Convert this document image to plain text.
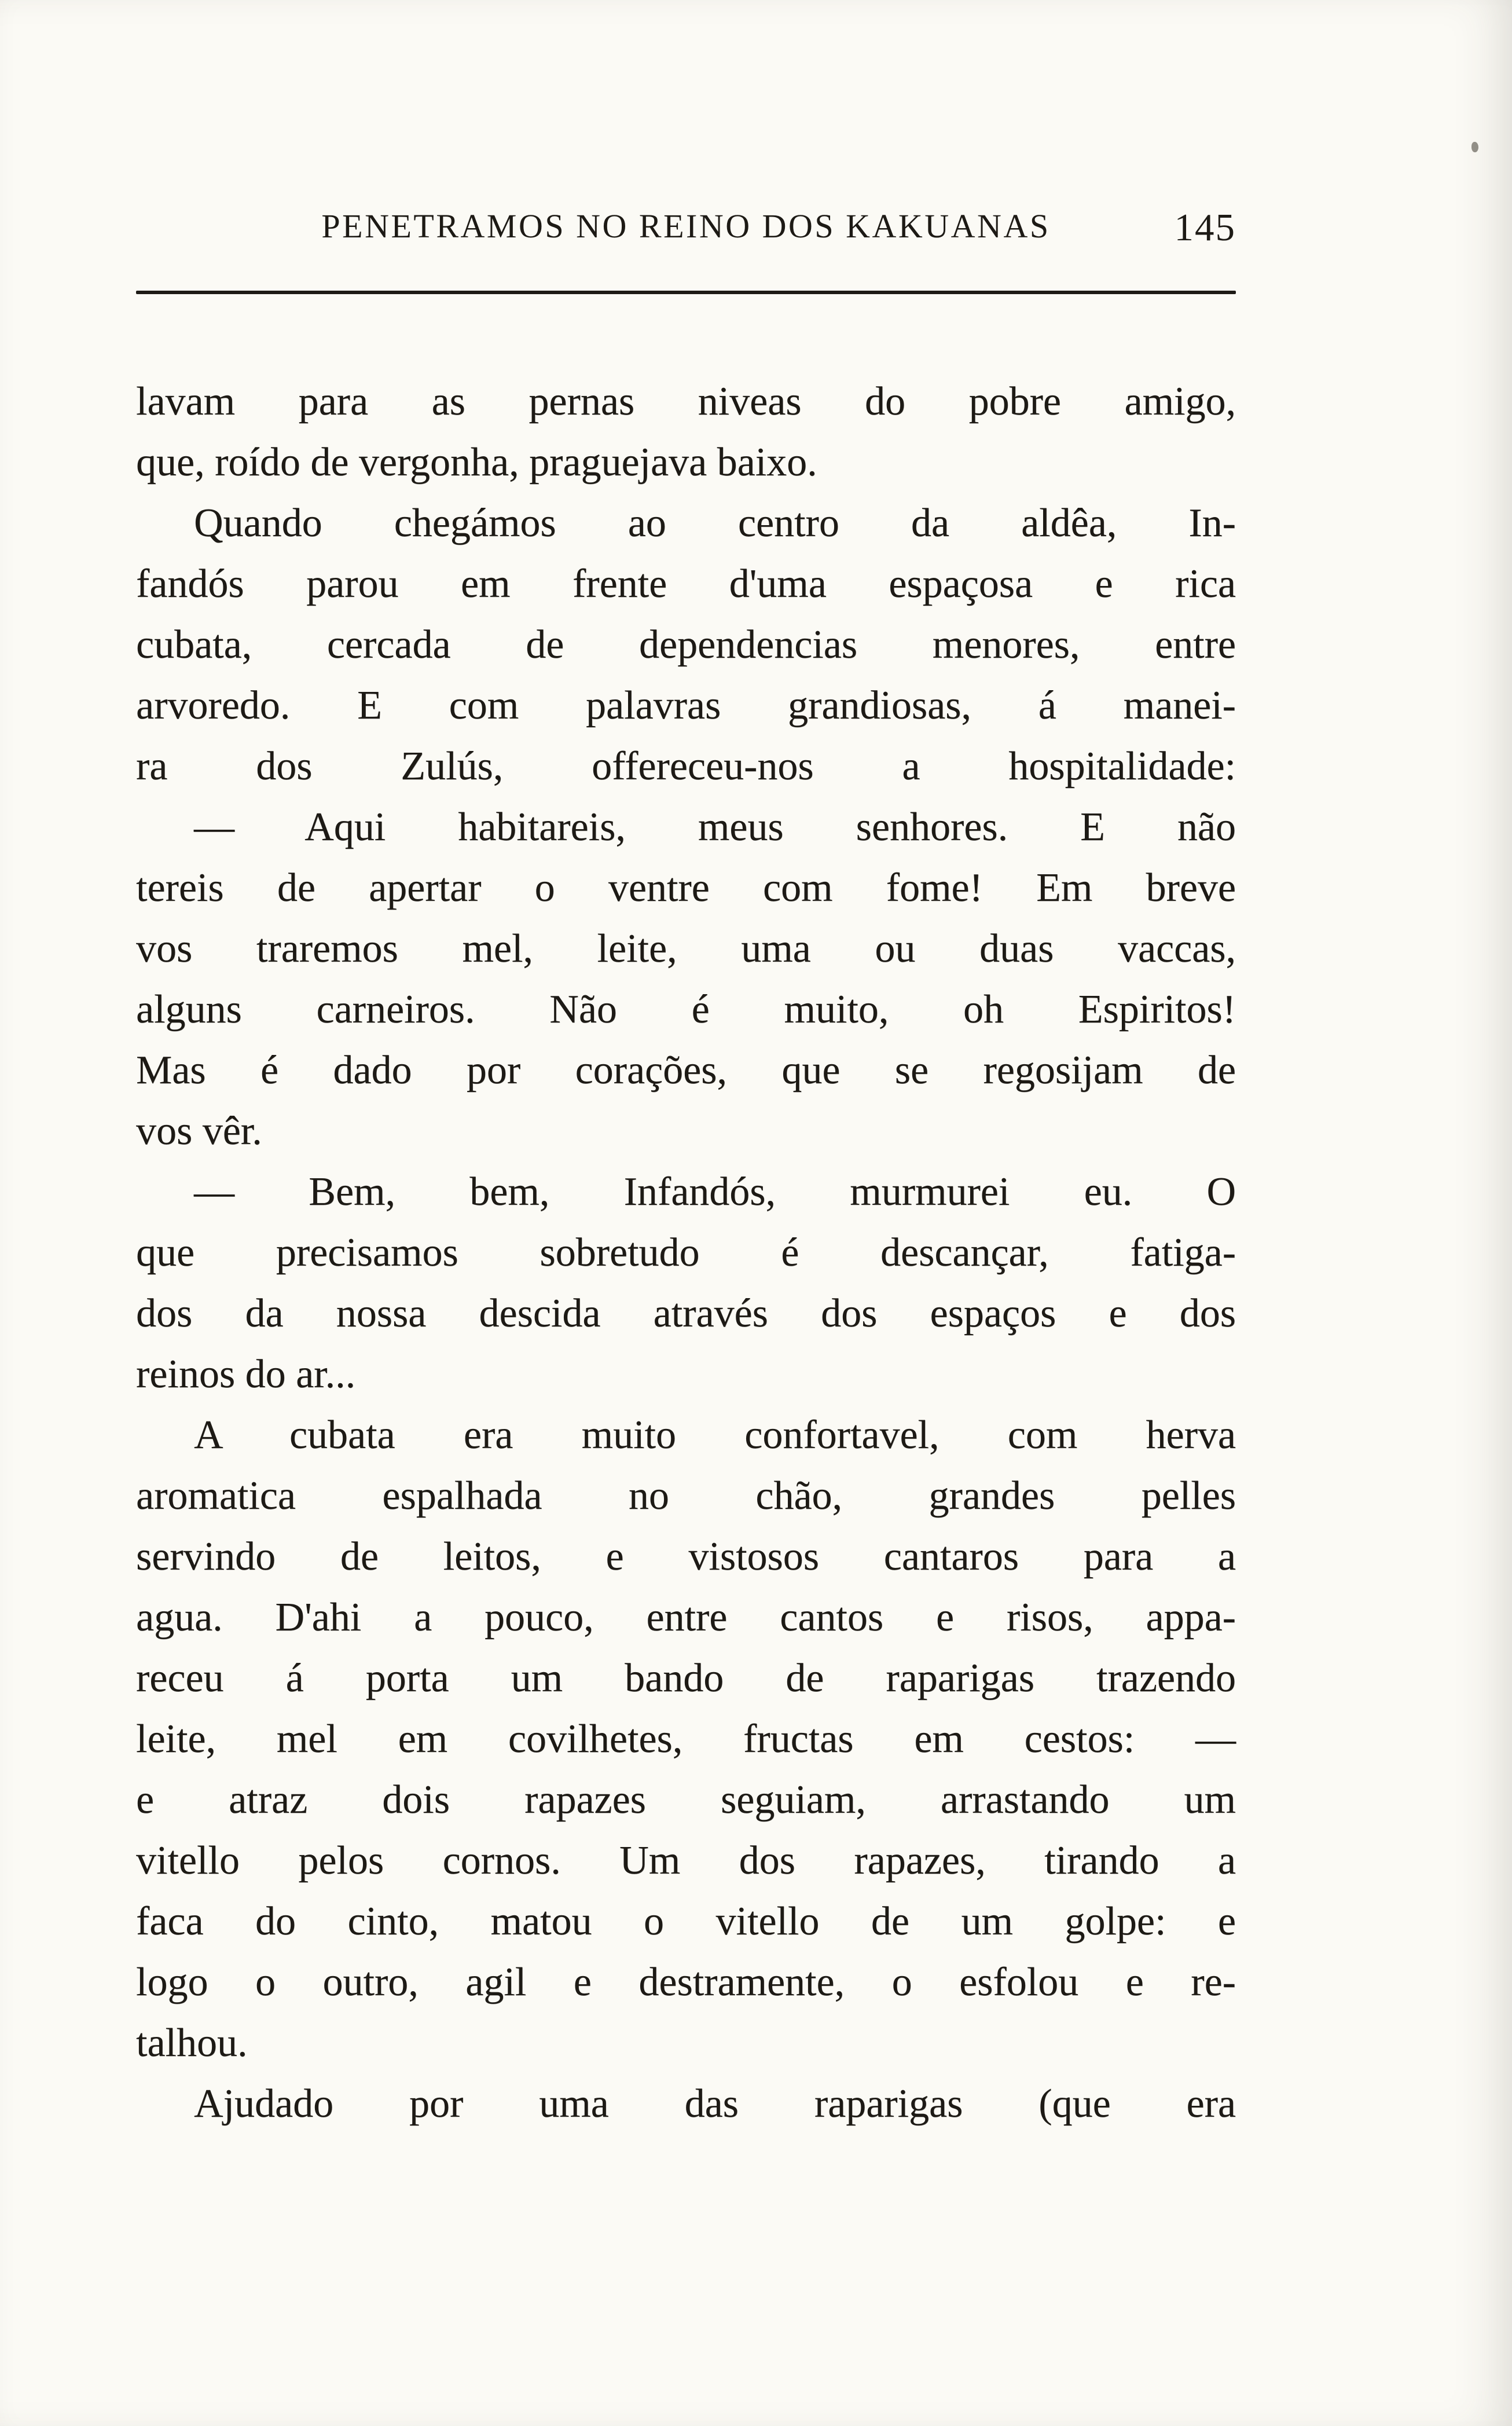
PENETRAMOS NO REINO DOS KAKUANAS	145
lavam para as pernas niveas do pobre amigo,
que, roído de vergonha, praguejava baixo.
Quando chegámos ao centro da aldêa, In-
fandós parou em frente d'uma espaçosa e rica
cubata, cercada de dependencias menores, entre
arvoredo. E com palavras grandiosas, á manei-
ra dos Zulús, offereceu-nos a hospitalidade:
— Aqui habitareis, meus senhores. E não
tereis de apertar o ventre com fome! Em breve
vos traremos mel, leite, uma ou duas vaccas,
alguns carneiros. Não é muito, oh Espiritos!
Mas é dado por corações, que se regosijam de
vos vêr.
— Bem, bem, Infandós, murmurei eu. O
que precisamos sobretudo é descançar, fatiga-
dos da nossa descida através dos espaços e dos
reinos do ar...
A cubata era muito confortavel, com herva
aromatica espalhada no chão, grandes pelles
servindo de leitos, e vistosos cantaros para a
agua. D'ahi a pouco, entre cantos e risos, appa-
receu á porta um bando de raparigas trazendo
leite, mel em covilhetes, fructas em cestos: —
e atraz dois rapazes seguiam, arrastando um
vitello pelos cornos. Um dos rapazes, tirando a
faca do cinto, matou o vitello de um golpe: e
logo o outro, agil e destramente, o esfolou e re-
talhou.
Ajudado por uma das raparigas (que era
